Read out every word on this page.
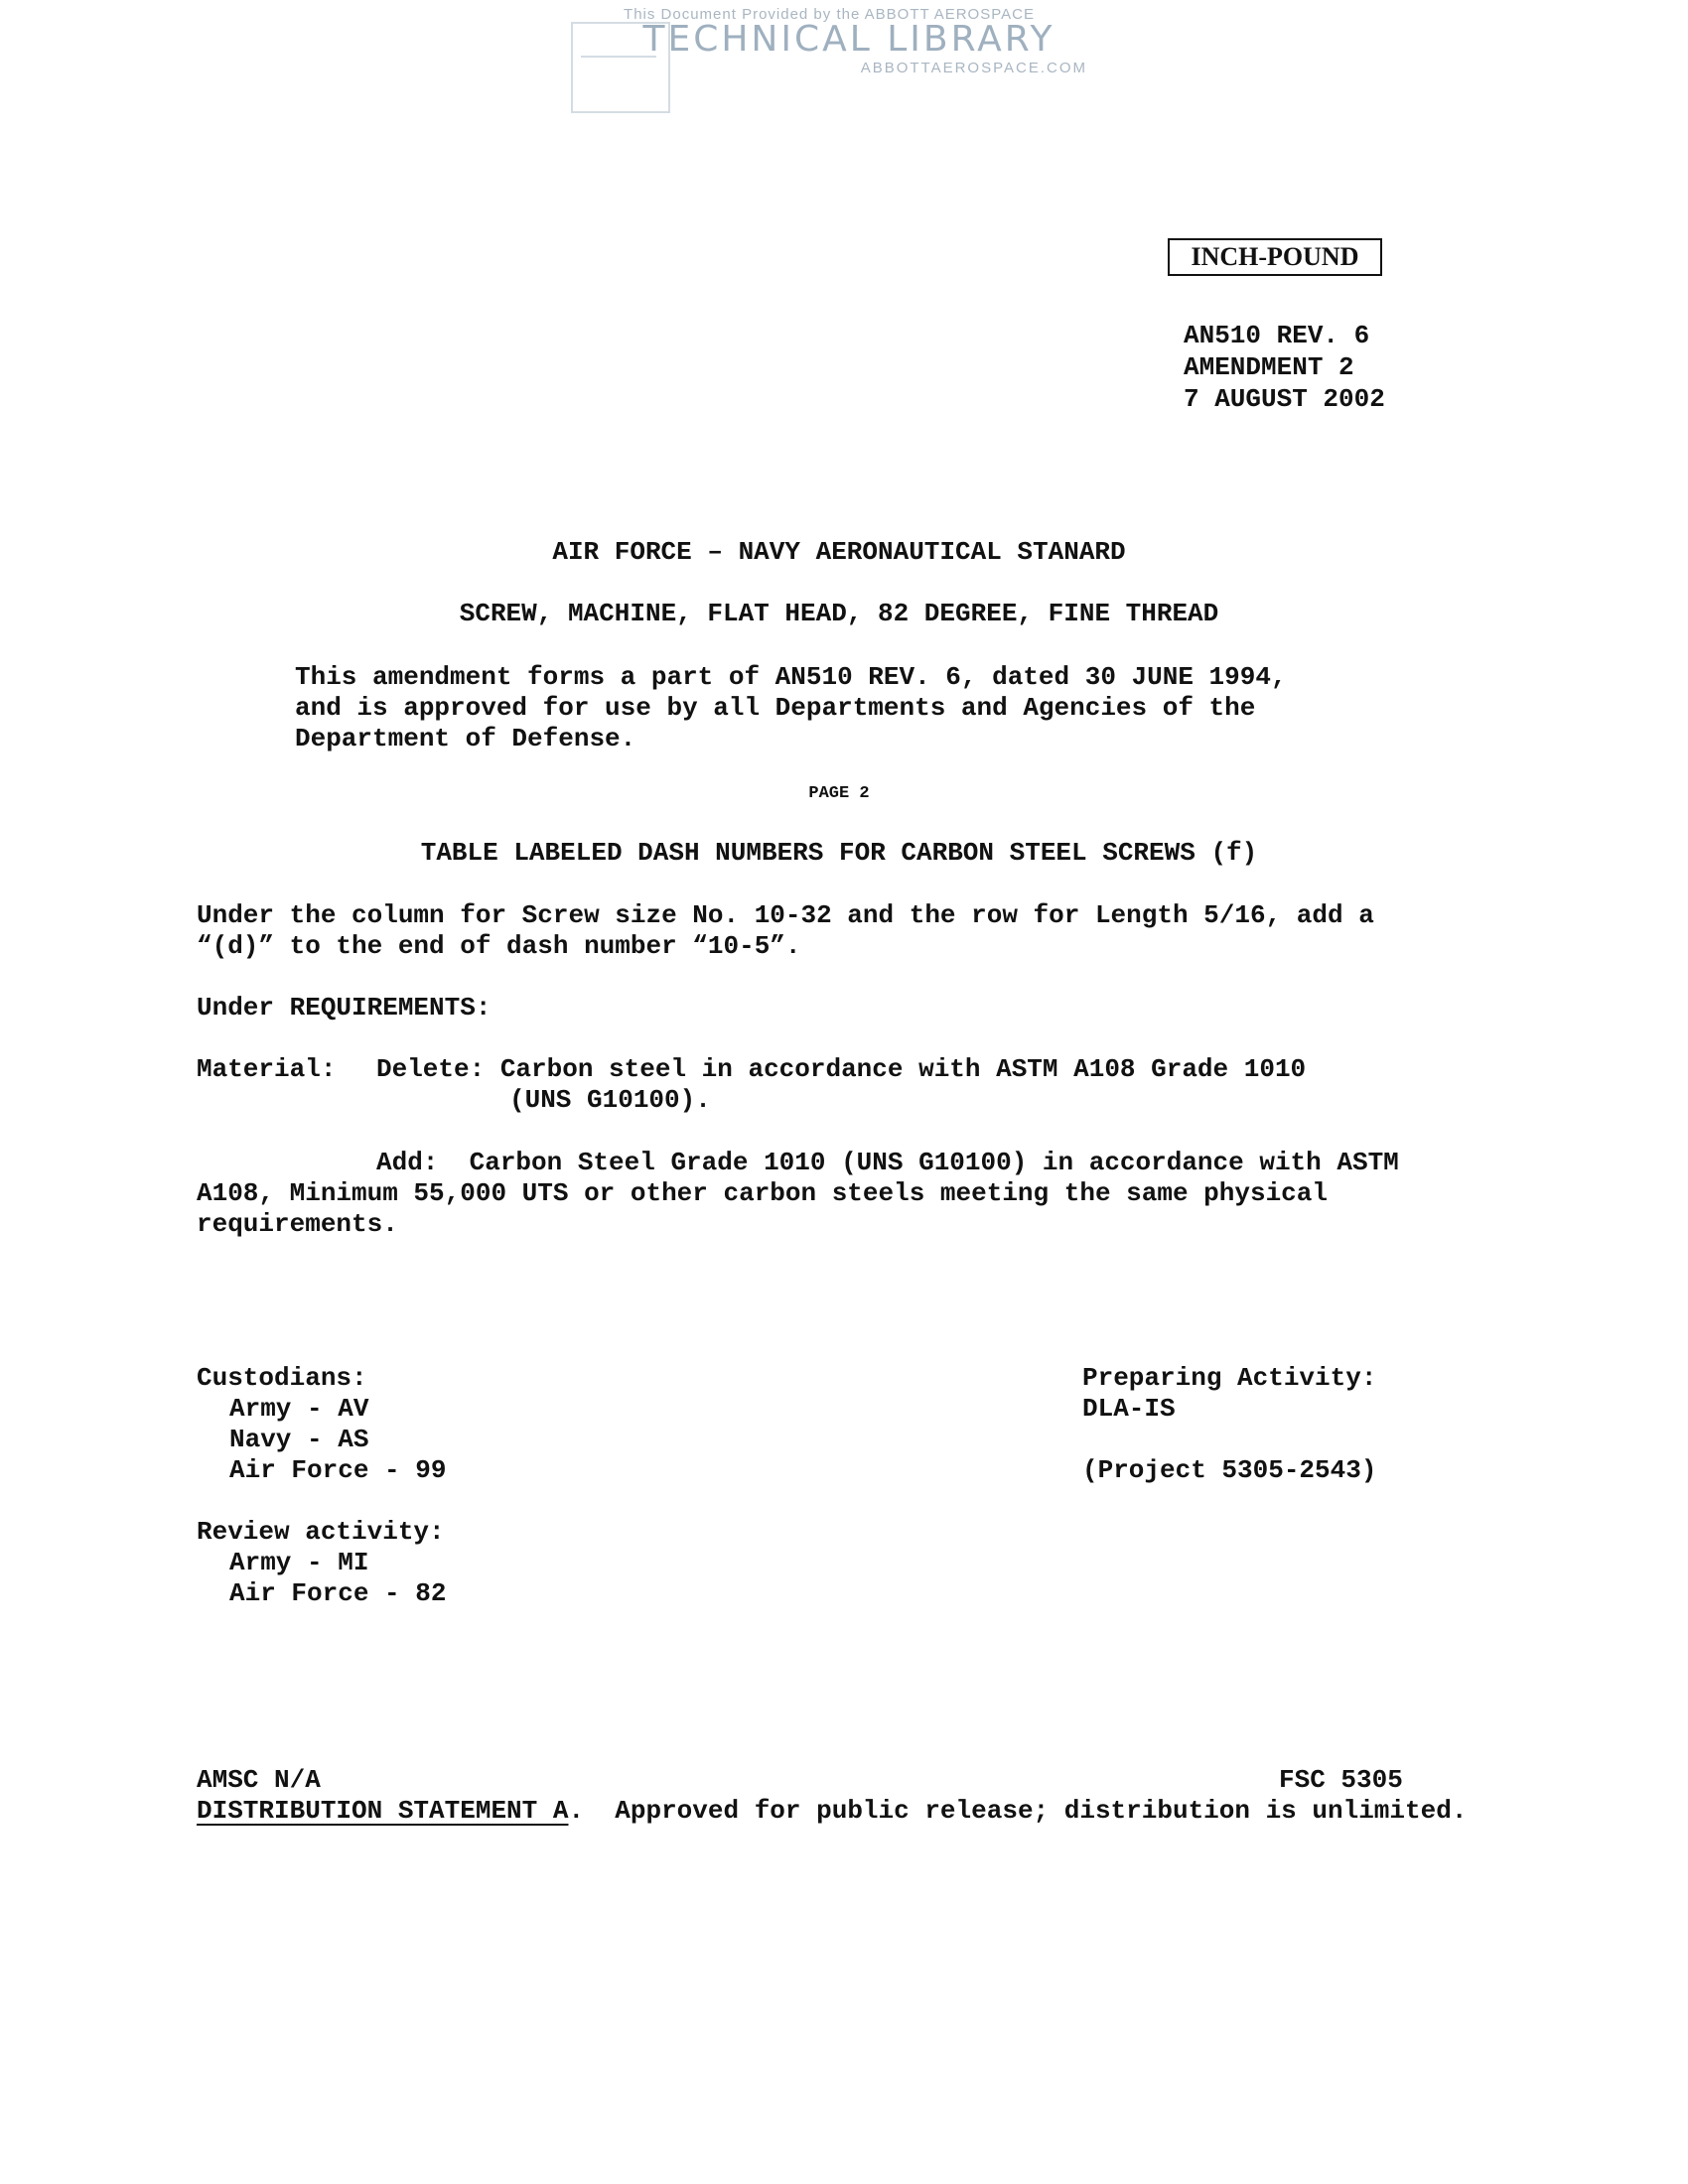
This Document Provided by the ABBOTT AEROSPACE
TECHNICAL LIBRARY
ABBOTTAEROSPACE.COM
INCH-POUND
AN510 REV. 6
AMENDMENT 2
7 AUGUST 2002
AIR FORCE – NAVY AERONAUTICAL STANARD
SCREW, MACHINE, FLAT HEAD, 82 DEGREE, FINE THREAD
This amendment forms a part of AN510 REV. 6, dated 30 JUNE 1994,
and is approved for use by all Departments and Agencies of the
Department of Defense.
PAGE 2
TABLE LABELED DASH NUMBERS FOR CARBON STEEL SCREWS (f)
Under the column for Screw size No. 10-32 and the row for Length 5/16, add a
“(d)” to the end of dash number “10-5”.
Under REQUIREMENTS:
Material: Delete: Carbon steel in accordance with ASTM A108 Grade 1010
(UNS G10100).
Add:  Carbon Steel Grade 1010 (UNS G10100) in accordance with ASTM
A108, Minimum 55,000 UTS or other carbon steels meeting the same physical
requirements.
Custodians:
Army - AV
Navy - AS
Air Force - 99
Review activity:
Army - MI
Air Force - 82
Preparing Activity:
DLA-IS
(Project 5305-2543)
AMSC N/A	FSC 5305
DISTRIBUTION STATEMENT A.  Approved for public release; distribution is unlimited.
